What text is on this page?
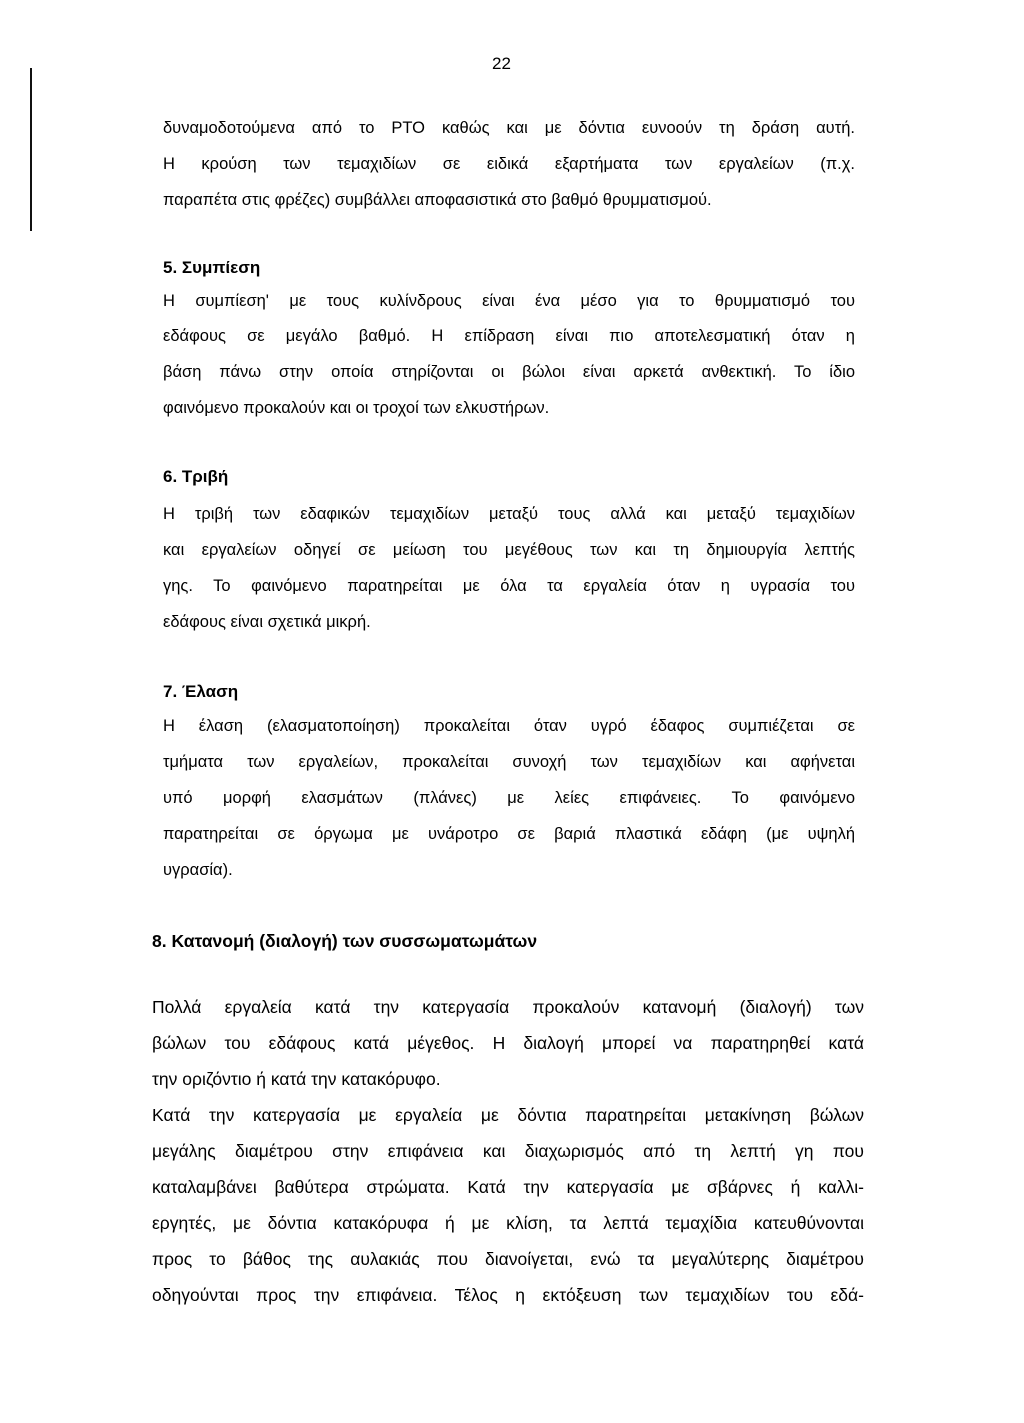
22

δυναμοδοτούμενα από το ΡΤΟ καθώς και με δόντια ευνοούν τη δράση αυτή.

Η κρούση των τεμαχιδίων σε ειδικά εξαρτήματα των εργαλείων (π.χ.

παραπέτα στις φρέζες) συμβάλλει αποφασιστικά στο βαθμό θρυμματισμού.

5. Συμπίεση

Η συμπίεση' με τους κυλίνδρους είναι ένα μέσο για το θρυμματισμό του

εδάφους σε μεγάλο βαθμό. Η επίδραση είναι πιο αποτελεσματική όταν η

βάση πάνω στην οποία στηρίζονται οι βώλοι είναι αρκετά ανθεκτική. Το ίδιο

φαινόμενο προκαλούν και οι τροχοί των ελκυστήρων.

6. Τριβή

Η τριβή των εδαφικών τεμαχιδίων μεταξύ τους αλλά και μεταξύ τεμαχιδίων

και εργαλείων οδηγεί σε μείωση του μεγέθους των και τη δημιουργία λεπτής

γης. Το φαινόμενο παρατηρείται με όλα τα εργαλεία όταν η υγρασία του

εδάφους είναι σχετικά μικρή.

7. Έλαση

Η έλαση (ελασματοποίηση) προκαλείται όταν υγρό έδαφος συμπιέζεται σε

τμήματα των εργαλείων, προκαλείται συνοχή των τεμαχιδίων και αφήνεται

υπό μορφή ελασμάτων (πλάνες) με λείες επιφάνειες. Το φαινόμενο

παρατηρείται σε όργωμα με υνάροτρο σε βαριά πλαστικά εδάφη (με υψηλή

υγρασία).

8. Κατανομή (διαλογή) των συσσωματωμάτων

Πολλά εργαλεία κατά την κατεργασία προκαλούν κατανομή (διαλογή) των

βώλων του εδάφους κατά μέγεθος. Η διαλογή μπορεί να παρατηρηθεί κατά

την οριζόντιο ή κατά την κατακόρυφο.

Κατά την κατεργασία με εργαλεία με δόντια παρατηρείται μετακίνηση βώλων

μεγάλης διαμέτρου στην επιφάνεια και διαχωρισμός από τη λεπτή γη που

καταλαμβάνει βαθύτερα στρώματα. Κατά την κατεργασία με σβάρνες ή καλλι-

εργητές, με δόντια κατακόρυφα ή με κλίση, τα λεπτά τεμαχίδια κατευθύνονται

προς το βάθος της αυλακιάς που διανοίγεται, ενώ τα μεγαλύτερης διαμέτρου

οδηγούνται προς την επιφάνεια. Τέλος η εκτόξευση των τεμαχιδίων του εδά-
